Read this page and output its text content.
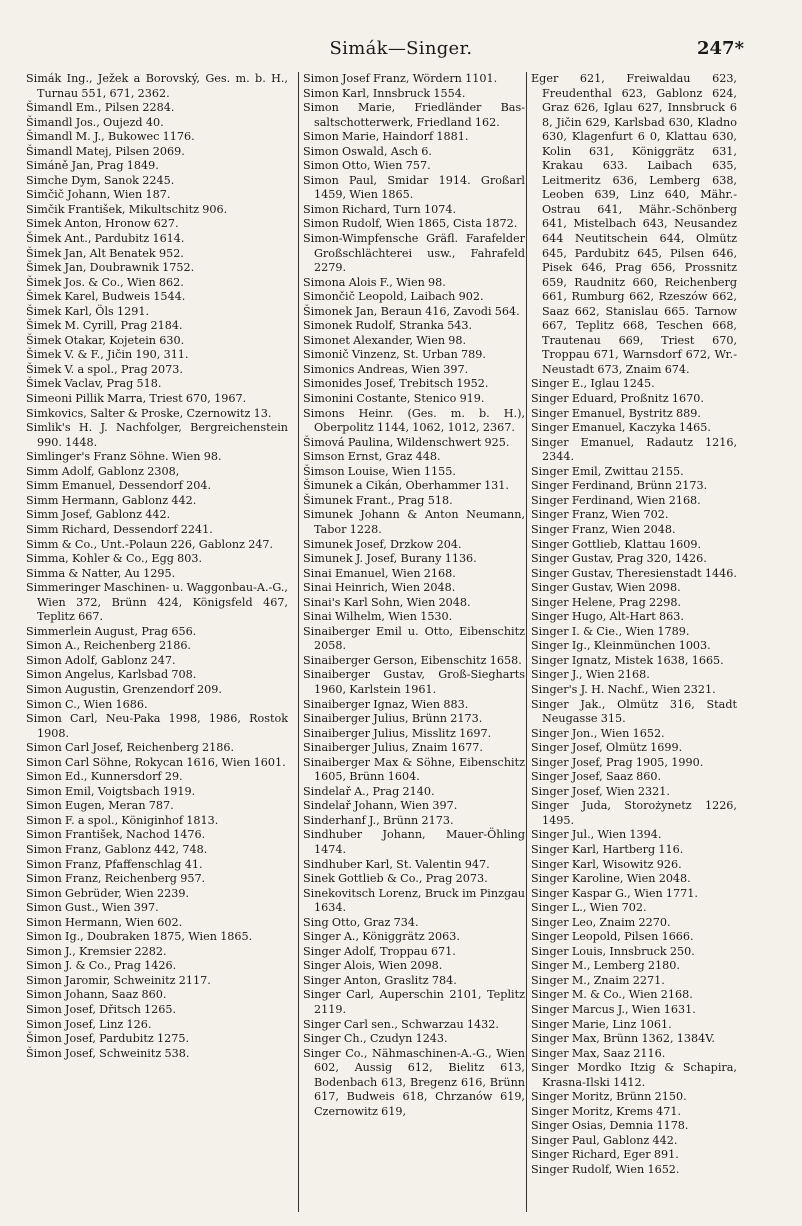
Simák—Singer.	247*
Simák Ing., Ježek a Borovský, Ges. m. b. H., Turnau 551, 671, 2362.
Šimandl Em., Pilsen 2284.
Šimandl Jos., Oujezd 40.
Šimandl M. J., Bukowec 1176.
Šimandl Matej, Pilsen 2069.
Simáně Jan, Prag 1849.
Simche Dym, Sanok 2245.
Simčič Johann, Wien 187.
Simčik František, Mikultschitz 906.
Simek Anton, Hronow 627.
Šimek Ant., Pardubitz 1614.
Šimek Jan, Alt Benatek 952.
Šimek Jan, Doubrawnik 1752.
Šimek Jos. & Co., Wien 862.
Šimek Karel, Budweis 1544.
Šimek Karl, Öls 1291.
Šimek M. Cyrill, Prag 2184.
Šimek Otakar, Kojetein 630.
Šimek V. & F., Jičin 190, 311.
Šimek V. a spol., Prag 2073.
Šimek Vaclav, Prag 518.
Simeoni Pillik Marra, Triest 670, 1967.
Simkovics, Salter & Proske, Czernowitz 13.
Simlik's H. J. Nachfolger, Bergreichenstein 990. 1448.
Simlinger's Franz Söhne. Wien 98.
Simm Adolf, Gablonz 2308,
Simm Emanuel, Dessendorf 204.
Simm Hermann, Gablonz 442.
Simm Josef, Gablonz 442.
Simm Richard, Dessendorf 2241.
Simm & Co., Unt.-Polaun 226, Gablonz 247.
Simma, Kohler & Co., Egg 803.
Simma & Natter, Au 1295.
Simmeringer Maschinen- u. Waggonbau-A.-G., Wien 372, Brünn 424, Königsfeld 467, Teplitz 667.
Simmerlein August, Prag 656.
Simon A., Reichenberg 2186.
Simon Adolf, Gablonz 247.
Simon Angelus, Karlsbad 708.
Simon Augustin, Grenzendorf 209.
Simon C., Wien 1686.
Simon Carl, Neu-Paka 1998, 1986, Rostok 1908.
Simon Carl Josef, Reichenberg 2186.
Simon Carl Söhne, Rokycan 1616, Wien 1601.
Simon Ed., Kunnersdorf 29.
Simon Emil, Voigtsbach 1919.
Simon Eugen, Meran 787.
Simon F. a spol., Königinhof 1813.
Simon František, Nachod 1476.
Simon Franz, Gablonz 442, 748.
Simon Franz, Pfaffenschlag 41.
Simon Franz, Reichenberg 957.
Simon Gebrüder, Wien 2239.
Simon Gust., Wien 397.
Simon Hermann, Wien 602.
Simon Ig., Doubraken 1875, Wien 1865.
Simon J., Kremsier 2282.
Simon J. & Co., Prag 1426.
Simon Jaromir, Schweinitz 2117.
Simon Johann, Saaz 860.
Simon Josef, Dřitsch 1265.
Simon Josef, Linz 126.
Šimon Josef, Pardubitz 1275.
Šimon Josef, Schweinitz 538.
Simon Josef Franz, Wördern 1101.
Simon Karl, Innsbruck 1554.
Simon Marie, Friedländer Bas- saltschotterwerk, Friedland 162.
Simon Marie, Haindorf 1881.
Simon Oswald, Asch 6.
Simon Otto, Wien 757.
Simon Paul, Smidar 1914. Großarl 1459, Wien 1865.
Simon Richard, Turn 1074.
Simon Rudolf, Wien 1865, Cista 1872.
Simon-Wimpfensche Gräfl. Farafelder Großschlächterei usw., Fahrafeld 2279.
Simona Alois F., Wien 98.
Simončič Leopold, Laibach 902.
Šimonek Jan, Beraun 416, Zavodi 564.
Simonek Rudolf, Stranka 543.
Simonet Alexander, Wien 98.
Simonič Vinzenz, St. Urban 789.
Simonics Andreas, Wien 397.
Simonides Josef, Trebitsch 1952.
Simonini Costante, Stenico 919.
Simons Heinr. (Ges. m. b. H.), Oberpolitz 1144, 1062, 1012, 2367.
Šimová Paulina, Wildenschwert 925.
Simson Ernst, Graz 448.
Šimson Louise, Wien 1155.
Šimunek a Cikán, Oberhammer 131.
Šimunek Frant., Prag 518.
Simunek Johann & Anton Neumann, Tabor 1228.
Simunek Josef, Drzkow 204.
Simunek J. Josef, Burany 1136.
Sinai Emanuel, Wien 2168.
Sinai Heinrich, Wien 2048.
Sinai's Karl Sohn, Wien 2048.
Sinai Wilhelm, Wien 1530.
Sinaiberger Emil u. Otto, Eibenschitz 2058.
Sinaiberger Gerson, Eibenschitz 1658.
Sinaiberger Gustav, Groß-Siegharts 1960, Karlstein 1961.
Sinaiberger Ignaz, Wien 883.
Sinaiberger Julius, Brünn 2173.
Sinaiberger Julius, Misslitz 1697.
Sinaiberger Julius, Znaim 1677.
Sinaiberger Max & Söhne, Eibenschitz 1605, Brünn 1604.
Sindelař A., Prag 2140.
Sindelař Johann, Wien 397.
Sinderhanf J., Brünn 2173.
Sindhuber Johann, Mauer-Öhling 1474.
Sindhuber Karl, St. Valentin 947.
Sinek Gottlieb & Co., Prag 2073.
Sinekovitsch Lorenz, Bruck im Pinzgau 1634.
Sing Otto, Graz 734.
Singer A., Königgrätz 2063.
Singer Adolf, Troppau 671.
Singer Alois, Wien 2098.
Singer Anton, Graslitz 784.
Singer Carl, Auperschin 2101, Teplitz 2119.
Singer Carl sen., Schwarzau 1432.
Singer Ch., Czudyn 1243.
Singer Co., Nähmaschinen-A.-G., Wien 602, Aussig 612, Bielitz 613, Bodenbach 613, Bregenz 616, Brünn 617, Budweis 618, Chrzanów 619, Czernowitz 619,
Eger 621, Freiwaldau 623, Freudenthal 623, Gablonz 624, Graz 626, Iglau 627, Innsbruck 6 8, Jičin 629, Karlsbad 630, Kladno 630, Klagenfurt 6 0, Klattau 630, Kolin 631, Königgrätz 631, Krakau 633. Laibach 635, Leitmeritz 636, Lemberg 638, Leoben 639, Linz 640, Mähr.-Ostrau 641, Mähr.-Schönberg 641, Mistelbach 643, Neusandez 644 Neutitschein 644, Olmütz 645, Pardubitz 645, Pilsen 646, Pisek 646, Prag 656, Prossnitz 659, Raudnitz 660, Reichenberg 661, Rumburg 662, Rzeszów 662, Saaz 662, Stanislau 665. Tarnow 667, Teplitz 668, Teschen 668, Trautenau 669, Triest 670, Troppau 671, Warnsdorf 672, Wr.-Neustadt 673, Znaim 674.
Singer E., Iglau 1245.
Singer Eduard, Proßnitz 1670.
Singer Emanuel, Bystritz 889.
Singer Emanuel, Kaczyka 1465.
Singer Emanuel, Radautz 1216, 2344.
Singer Emil, Zwittau 2155.
Singer Ferdinand, Brünn 2173.
Singer Ferdinand, Wien 2168.
Singer Franz, Wien 702.
Singer Franz, Wien 2048.
Singer Gottlieb, Klattau 1609.
Singer Gustav, Prag 320, 1426.
Singer Gustav, Theresienstadt 1446.
Singer Gustav, Wien 2098.
Singer Helene, Prag 2298.
Singer Hugo, Alt-Hart 863.
Singer I. & Cie., Wien 1789.
Singer Ig., Kleinmünchen 1003.
Singer Ignatz, Mistek 1638, 1665.
Singer J., Wien 2168.
Singer's J. H. Nachf., Wien 2321.
Singer Jak., Olmütz 316, Stadt Neugasse 315.
Singer Jon., Wien 1652.
Singer Josef, Olmütz 1699.
Singer Josef, Prag 1905, 1990.
Singer Josef, Saaz 860.
Singer Josef, Wien 2321.
Singer Juda, Storożynetz 1226, 1495.
Singer Jul., Wien 1394.
Singer Karl, Hartberg 116.
Singer Karl, Wisowitz 926.
Singer Karoline, Wien 2048.
Singer Kaspar G., Wien 1771.
Singer L., Wien 702.
Singer Leo, Znaim 2270.
Singer Leopold, Pilsen 1666.
Singer Louis, Innsbruck 250.
Singer M., Lemberg 2180.
Singer M., Znaim 2271.
Singer M. & Co., Wien 2168.
Singer Marcus J., Wien 1631.
Singer Marie, Linz 1061.
Singer Max, Brünn 1362, 1384V.
Singer Max, Saaz 2116.
Singer Mordko Itzig & Schapira, Krasna-Ilski 1412.
Singer Moritz, Brünn 2150.
Singer Moritz, Krems 471.
Singer Osias, Demnia 1178.
Singer Paul, Gablonz 442.
Singer Richard, Eger 891.
Singer Rudolf, Wien 1652.
